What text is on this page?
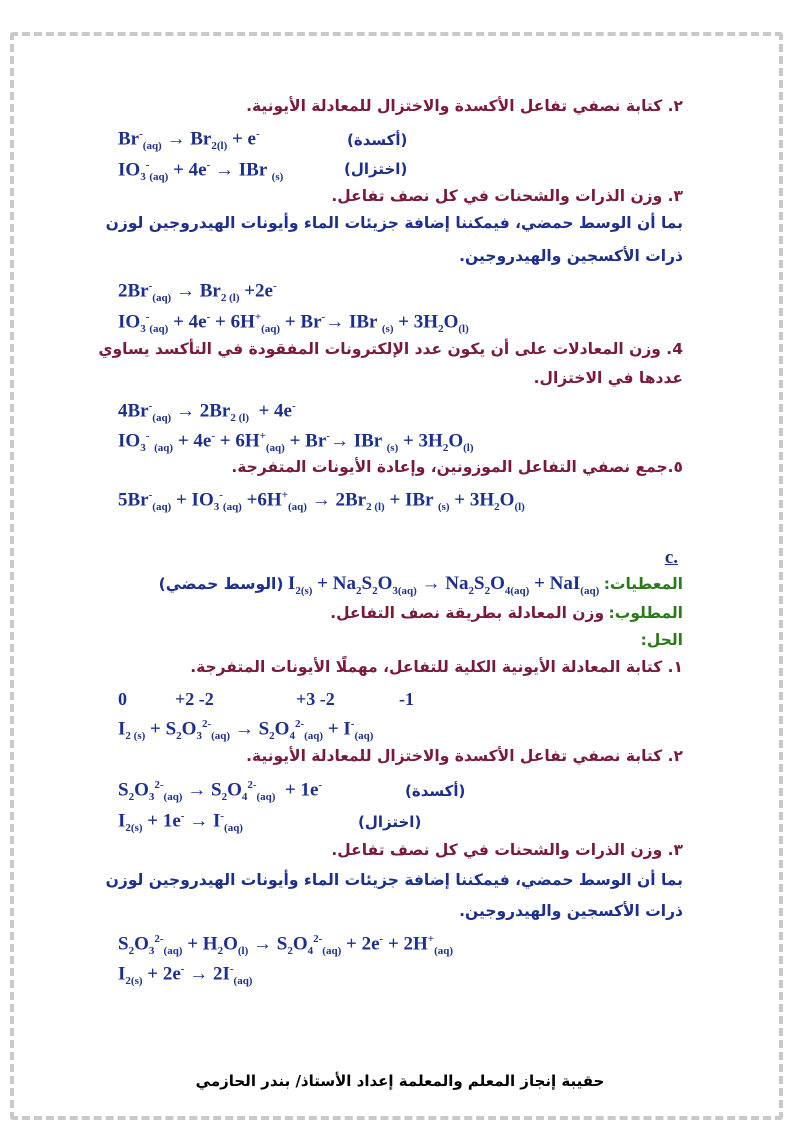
٢. كتابة نصفي تفاعل الأكسدة والاختزال للمعادلة الأيونية.
$Br^-_{(aq)} \to Br_{2(l)} + e^-$	(أكسدة)
$IO_3^-_{(aq)} + 4e^-$ → IBr $_{(s)}$	(اختزال)
٣. وزن الذرات والشحنات في كل نصف تفاعل.
بما أن الوسط حمضي، فيمكننا إضافة جزيئات الماء وأيونات الهيدروجين لوزن
ذرات الأكسجين والهيدروجين.
$2Br^-_{(aq)} \to Br_{2 (l)} +2e^-$
$IO_3^-_{(aq)} + 4e^- + 6H^+_{(aq)} + Br^-\to$ IBr $_{(s)} + 3H_2O_{(l)}$
4. وزن المعادلات على أن يكون عدد الإلكترونات المفقودة في التأكسد يساوي
عددها في الاختزال.
$4Br^-_{(aq)} \to 2Br_{2 (l)} + 4e^-$
$IO_3^-$ $_{(aq)} + 4e^- + 6H^+_{(aq)} + Br^-\to$ IBr $_{(s)} + 3H_2O_{(l)}$
٥.جمع نصفي التفاعل الموزونين، وإعادة الأيونات المتفرجة.
$5Br^-_{(aq)} + IO_3^-_{(aq)} +6H^+_{(aq)} \to 2Br_{2 (l)}$ + IBr $_{(s)} + 3H_2O_{(l)}$
c.
المعطيات: $I_{2(s)} + Na_2S_2O_{3(aq)} \to Na_2S_2O_{4(aq)} + NaI_{(aq)}$ (الوسط حمضي)
المطلوب: وزن المعادلة بطريقة نصف التفاعل.
الحل:
١. كتابة المعادلة الأيونية الكلية للتفاعل، مهملًا الأيونات المتفرجة.
0	+2 -2	+3 -2	-1
$I_{2 (s)} + S_2O_3^{2-}_{(aq)} \to S_2O_4^{2-}_{(aq)} + I^-_{(aq)}$
٢. كتابة نصفي تفاعل الأكسدة والاختزال للمعادلة الأيونية.
$S_2O_3^{2-}_{(aq)} \to S_2O_4^{2-}_{(aq)} + 1e^-$	(أكسدة)
$I_{2(s)} + 1e^- \to I^-_{(aq)}$	(اختزال)
٣. وزن الذرات والشحنات في كل نصف تفاعل.
بما أن الوسط حمضي، فيمكننا إضافة جزيئات الماء وأيونات الهيدروجين لوزن
ذرات الأكسجين والهيدروجين.
$S_2O_3^{2-}_{(aq)} + H_2O_{(l)} \to S_2O_4^{2-}_{(aq)} + 2e^- + 2H^+_{(aq)}$
$I_{2(s)} + 2e^- \to 2I^-_{(aq)}$
حقيبة إنجاز المعلم والمعلمة إعداد الأستاذ/ بندر الحازمي
